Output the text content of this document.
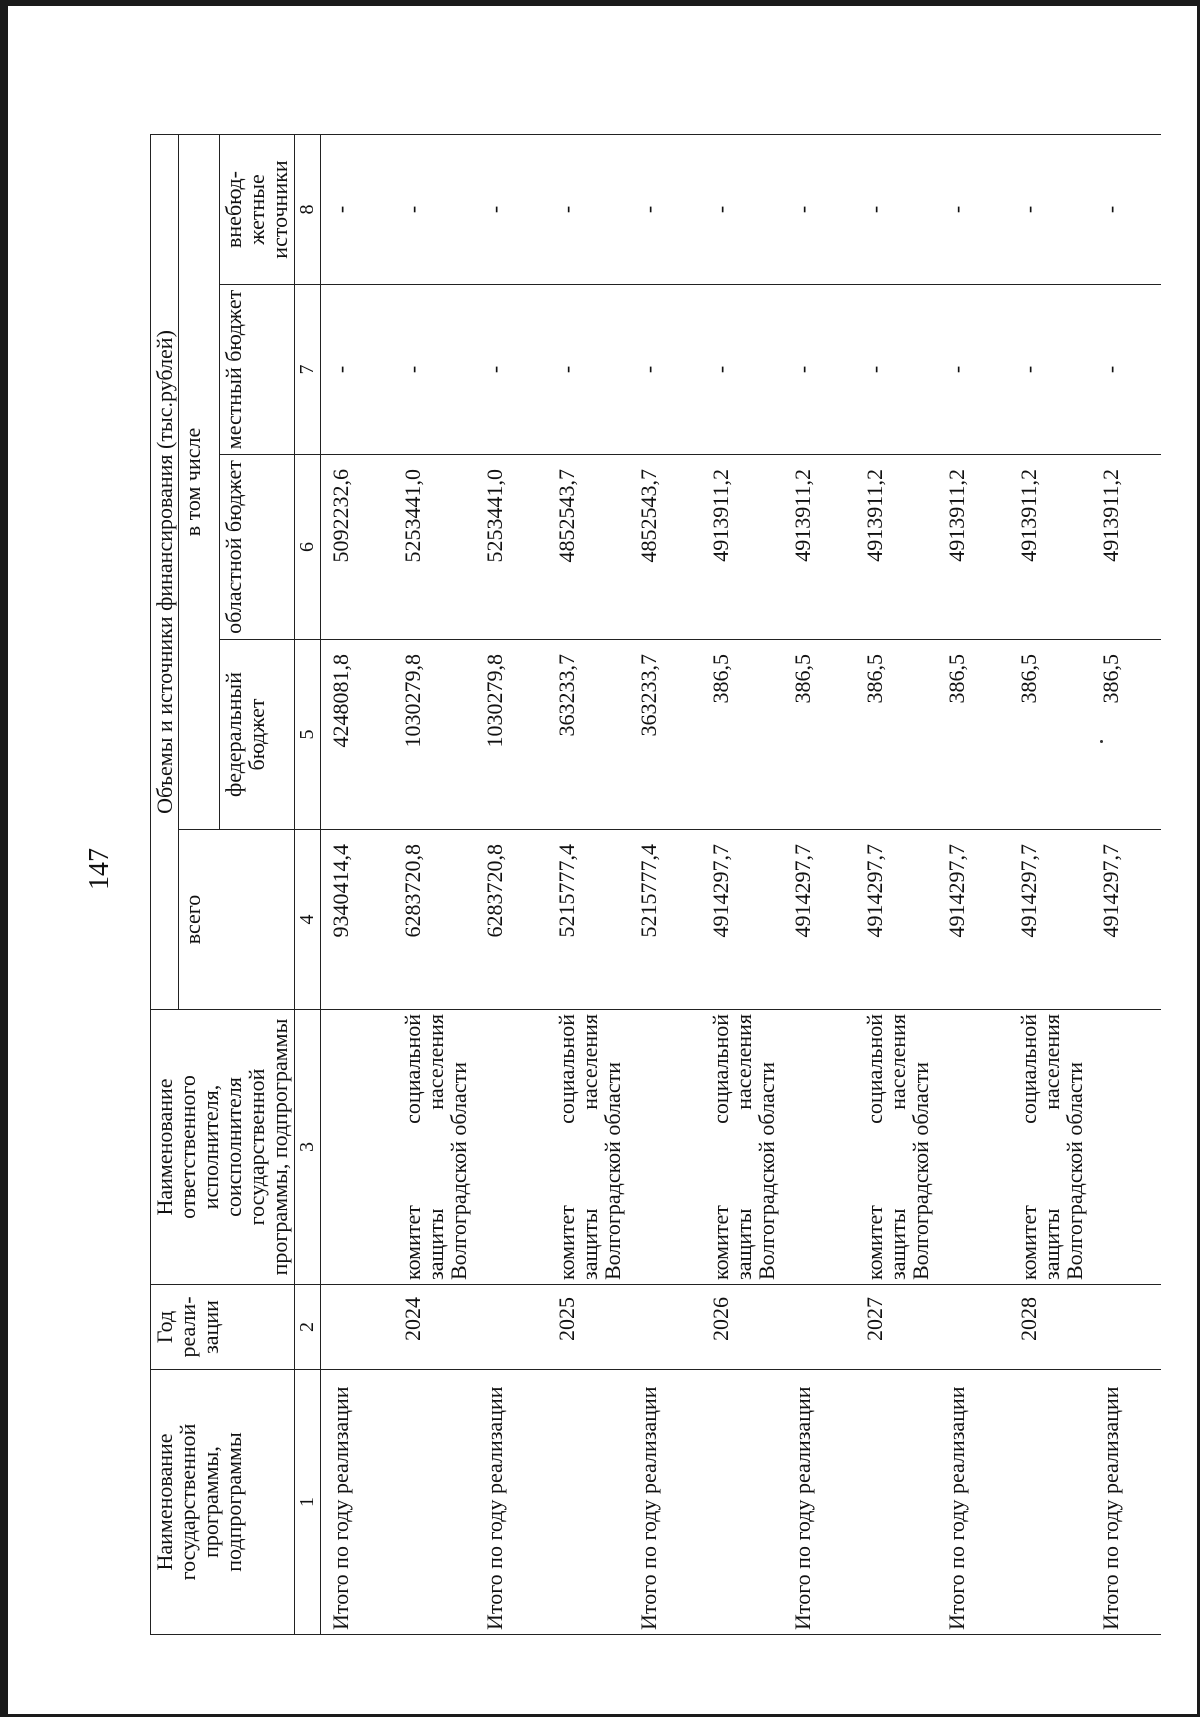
147
Наименование государственной программы, подпрограммы	Год реали-зации	Наименование ответственного исполнителя, соисполнителя государственной программы, подпрограммы	Объемы и источники финансирования (тыс.рублей)				
			всего	в том числе			
				федеральный бюджет	областной бюджет	местный бюджет	внебюд-жетные источники
1	2	3	4	5	6	7	8
Итого по году реализации			9340414,4	4248081,8	5092232,6	-	-
	2024	комитет социальной защиты населения Волгоградской области	6283720,8	1030279,8	5253441,0	-	-
Итого по году реализации			6283720,8	1030279,8	5253441,0	-	-
	2025	комитет социальной защиты населения Волгоградской области	5215777,4	363233,7	4852543,7	-	-
Итого по году реализации			5215777,4	363233,7	4852543,7	-	-
	2026	комитет социальной защиты населения Волгоградской области	4914297,7	386,5	4913911,2	-	-
Итого по году реализации			4914297,7	386,5	4913911,2	-	-
	2027	комитет социальной защиты населения Волгоградской области	4914297,7	386,5	4913911,2	-	-
Итого по году реализации			4914297,7	386,5	4913911,2	-	-
	2028	комитет социальной защиты населения Волгоградской области	4914297,7	386,5	4913911,2	-	-
Итого по году реализации			4914297,7	386,5	4913911,2	-	-
